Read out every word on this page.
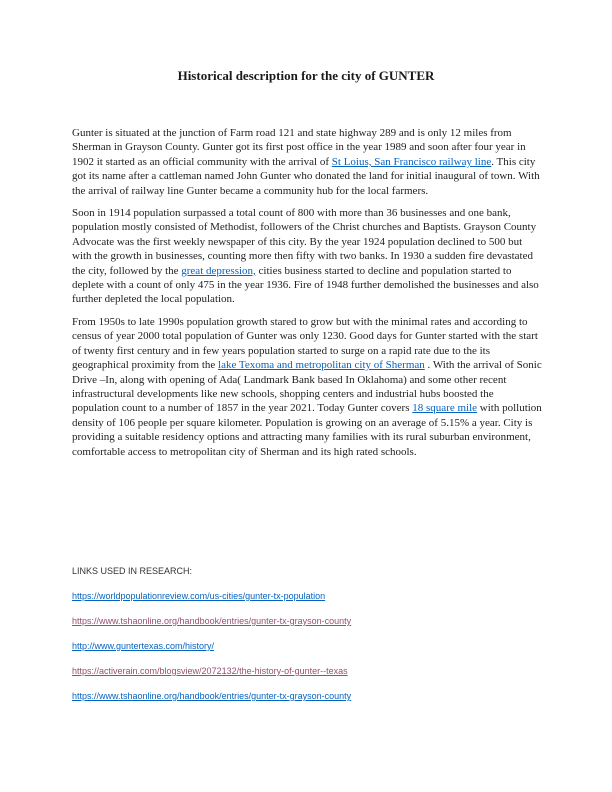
Historical description for the city of GUNTER

Gunter is situated at the junction of Farm road 121 and state highway 289 and is only 12 miles from Sherman in Grayson County. Gunter got its first post office in the year 1989 and soon after four year in 1902 it started as an official community with the arrival of St Loius, San Francisco railway line. This city got its name after a cattleman named John Gunter who donated the land for initial inaugural of town. With the arrival of railway line Gunter became a community hub for the local farmers.

Soon in 1914 population surpassed a total count of 800 with more than 36 businesses and one bank, population mostly consisted of Methodist, followers of the Christ churches and Baptists. Grayson County Advocate was the first weekly newspaper of this city. By the year 1924 population declined to 500 but with the growth in businesses, counting more then fifty with two banks. In 1930 a sudden fire devastated the city, followed by the great depression, cities business started to decline and population started to deplete with a count of only 475 in the year 1936. Fire of 1948 further demolished the businesses and also further depleted the local population.

From 1950s to late 1990s population growth stared to grow but with the minimal rates and according to census of year 2000 total population of Gunter was only 1230. Good days for Gunter started with the start of twenty first century and in few years population started to surge on a rapid rate due to the its geographical proximity from the lake Texoma and metropolitan city of Sherman . With the arrival of Sonic Drive –In, along with opening of Ada( Landmark Bank based In Oklahoma) and some other recent infrastructural developments like new schools, shopping centers and industrial hubs boosted the population count to a number of 1857 in the year 2021. Today Gunter covers 18 square mile with pollution density of 106 people per square kilometer. Population is growing on an average of 5.15% a year. City is providing a suitable residency options and attracting many families with its rural suburban environment, comfortable access to metropolitan city of Sherman and its high rated schools.

LINKS USED IN RESEARCH:
https://worldpopulationreview.com/us-cities/gunter-tx-population
https://www.tshaonline.org/handbook/entries/gunter-tx-grayson-county
http://www.guntertexas.com/history/
https://activerain.com/blogsview/2072132/the-history-of-gunter--texas
https://www.tshaonline.org/handbook/entries/gunter-tx-grayson-county
